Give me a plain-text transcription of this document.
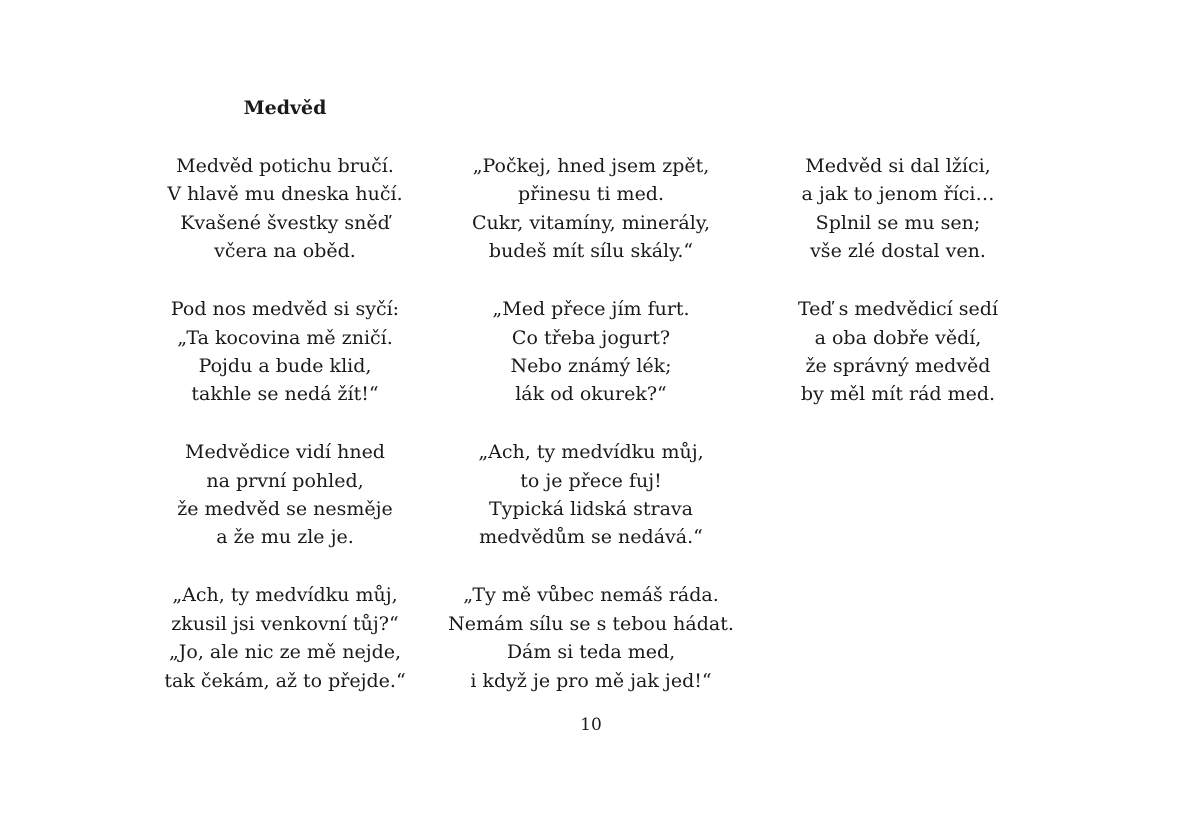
Medvěd
Medvěd potichu bručí.
V hlavě mu dneska hučí.
Kvašené švestky sněď
včera na oběd.
Pod nos medvěd si syčí:
„Ta kocovina mě zničí.
Pojdu a bude klid,
takhle se nedá žít!“
Medvědice vidí hned
na první pohled,
že medvěd se nesměje
a že mu zle je.
„Ach, ty medvídku můj,
zkusil jsi venkovní tůj?“
„Jo, ale nic ze mě nejde,
tak čekám, až to přejde.“
„Počkej, hned jsem zpět,
přinesu ti med.
Cukr, vitamíny, minerály,
budeš mít sílu skály.“
„Med přece jím furt.
Co třeba jogurt?
Nebo známý lék;
lák od okurek?“
„Ach, ty medvídku můj,
to je přece fuj!
Typická lidská strava
medvědům se nedává.“
„Ty mě vůbec nemáš ráda.
Nemám sílu se s tebou hádat.
Dám si teda med,
i když je pro mě jak jed!“
Medvěd si dal lžíci,
a jak to jenom říci…
Splnil se mu sen;
vše zlé dostal ven.
Teď s medvědicí sedí
a oba dobře vědí,
že správný medvěd
by měl mít rád med.
10
